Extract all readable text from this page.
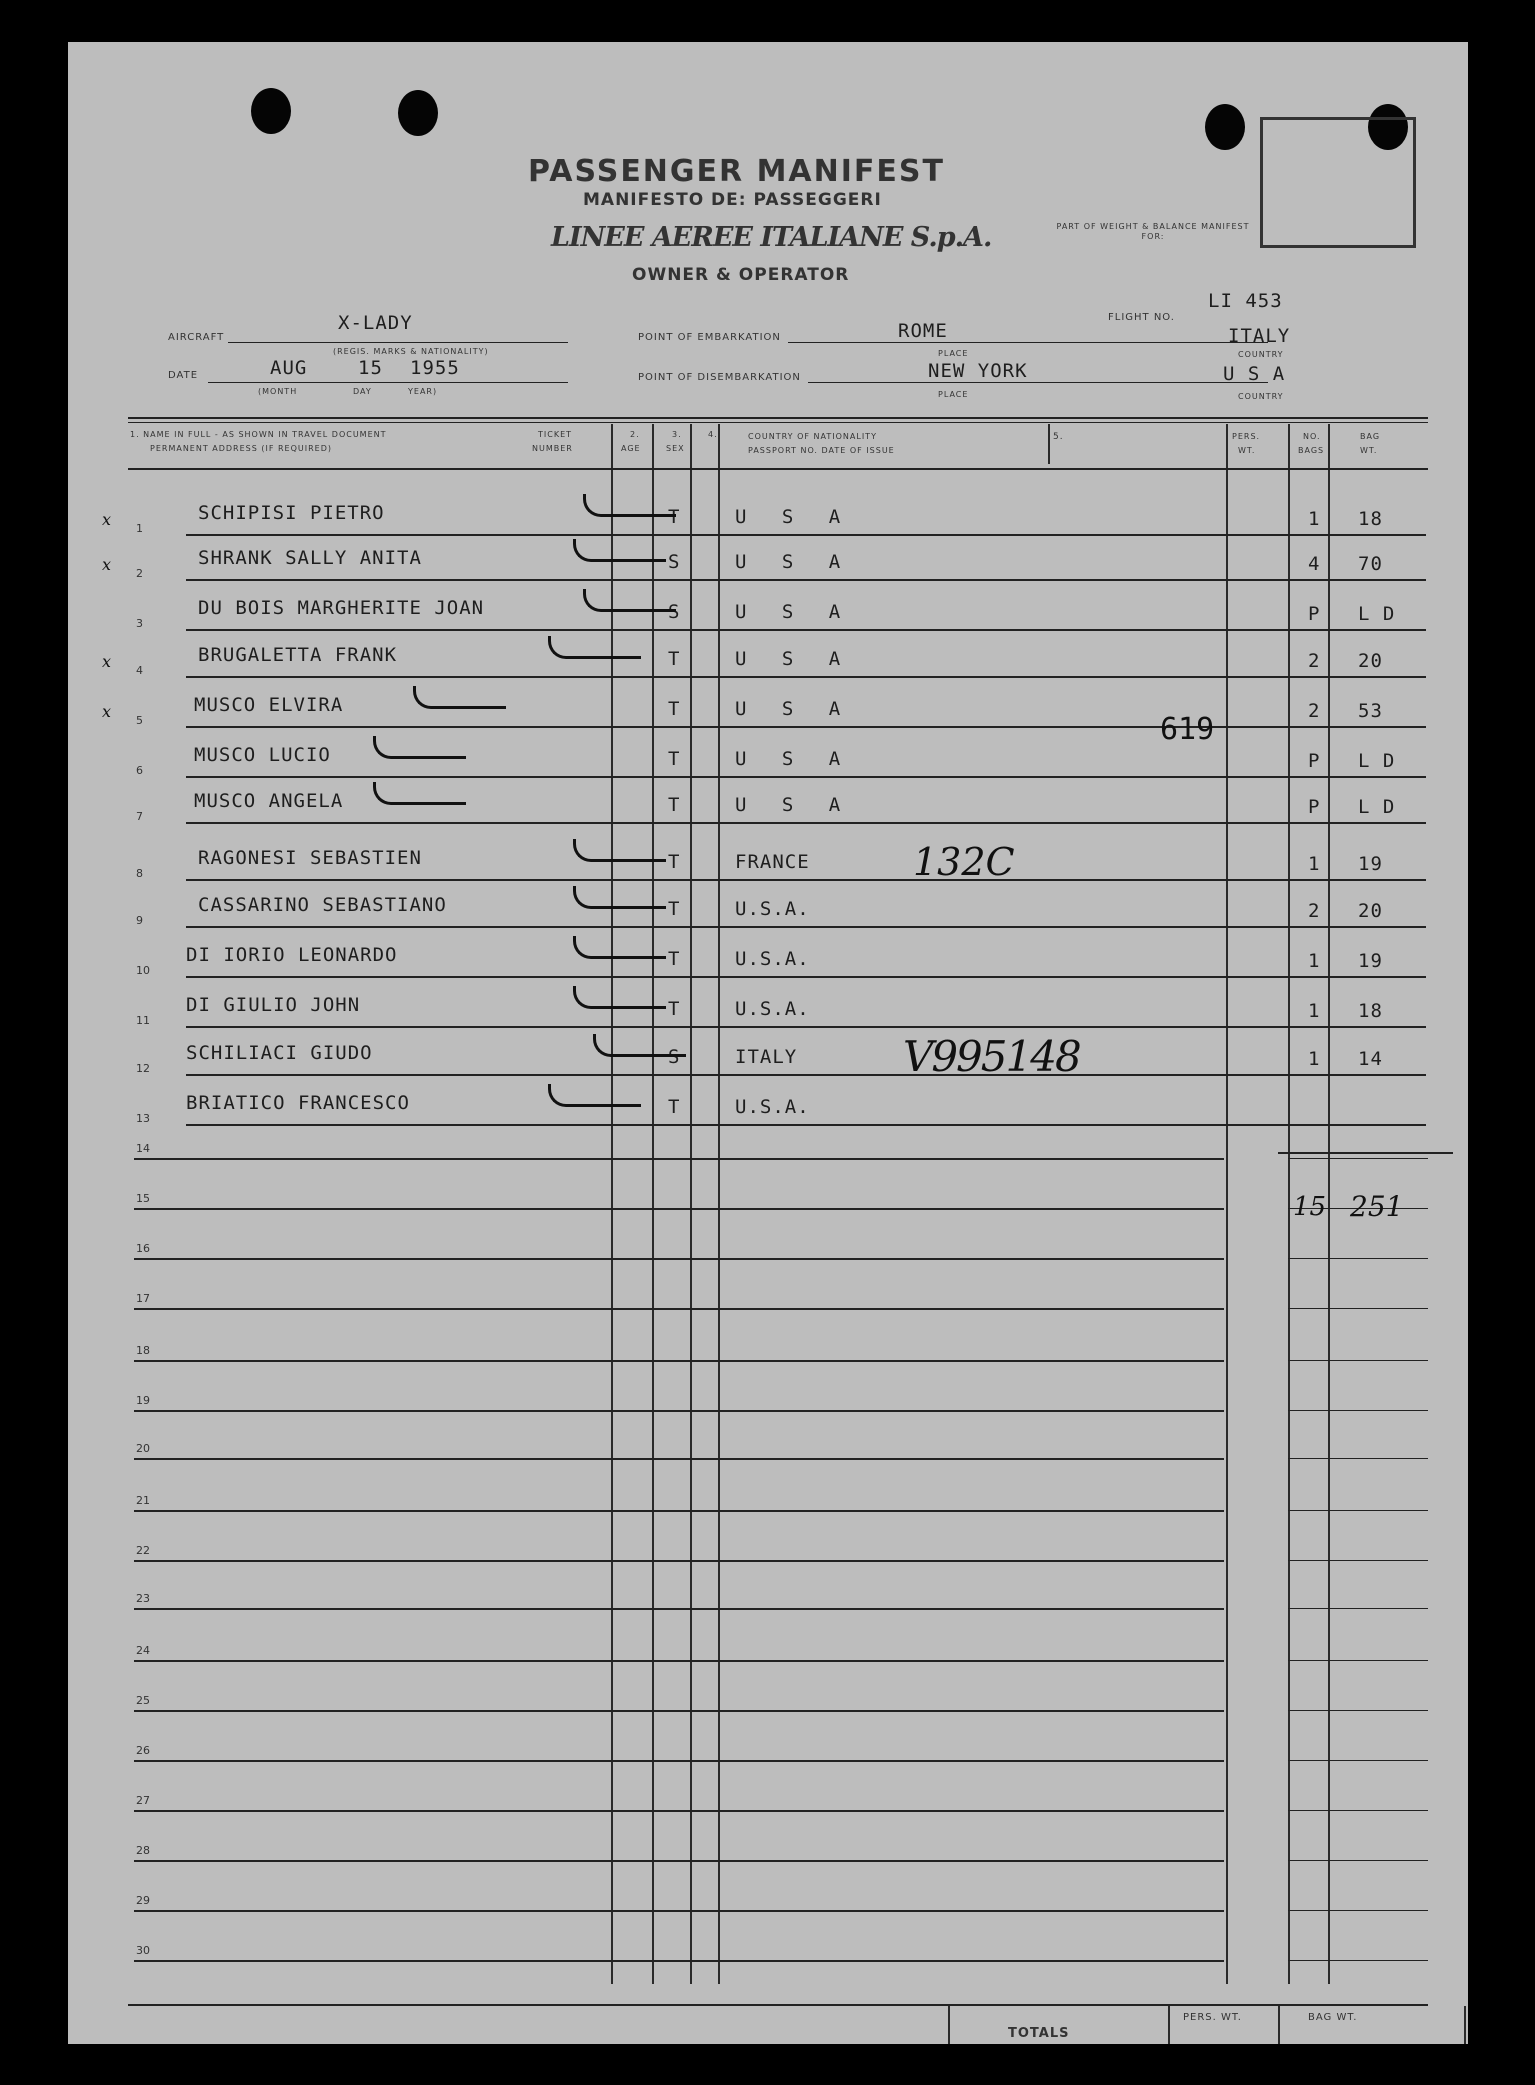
PASSENGER MANIFEST
MANIFESTO DE: PASSEGGERI
LINEE AEREE ITALIANE S.p.A.
OWNER & OPERATOR
PART OF WEIGHT & BALANCE MANIFEST FOR:
AIRCRAFT
X-LADY
(REGIS. MARKS & NATIONALITY)
POINT OF EMBARKATION	ROME	ITALY
PLACE	COUNTRY
FLIGHT NO.
LI 453
DATE	AUG	15 1955
(MONTH	DAY	YEAR)
POINT OF DISEMBARKATION	NEW YORK	U S A
PLACE	COUNTRY
1. NAME IN FULL - AS SHOWN IN TRAVEL DOCUMENT
PERMANENT ADDRESS (IF REQUIRED)
TICKET
NUMBER
2.
AGE
3.
SEX
4.	COUNTRY OF NATIONALITY
PASSPORT NO. DATE OF ISSUE
5.	PERS.
WT.
NO.
BAGS
BAG
WT.
1
x	SCHIPISI PIETRO	T	U S A	1 18
2
x	SHRANK SALLY ANITA	S	U S A	4 70
3
DU BOIS MARGHERITE JOAN	S	U S A	P L D
4
x	BRUGALETTA FRANK	T	U S A	2 20
5
x	MUSCO ELVIRA	T	U S A	2 53
6
MUSCO LUCIO	T	U S A	P L D
7
MUSCO ANGELA	T	U S A	P L D
8
RAGONESI SEBASTIEN	T	FRANCE	1 19
9
CASSARINO SEBASTIANO	T	U.S.A.	2 20
10
DI IORIO LEONARDO	T	U.S.A.	1 19
11
DI GIULIO JOHN	T	U.S.A.	1 18
12
SCHILIACI GIUDO	S	ITALY	1 14
13
BRIATICO FRANCESCO	T	U.S.A.
14
15
16
17
18
19
20
21
22
23
24
25
26
27
28
29
30
619
132C
V995148
15 251
TOTALS
PERS. WT.	BAG WT.
